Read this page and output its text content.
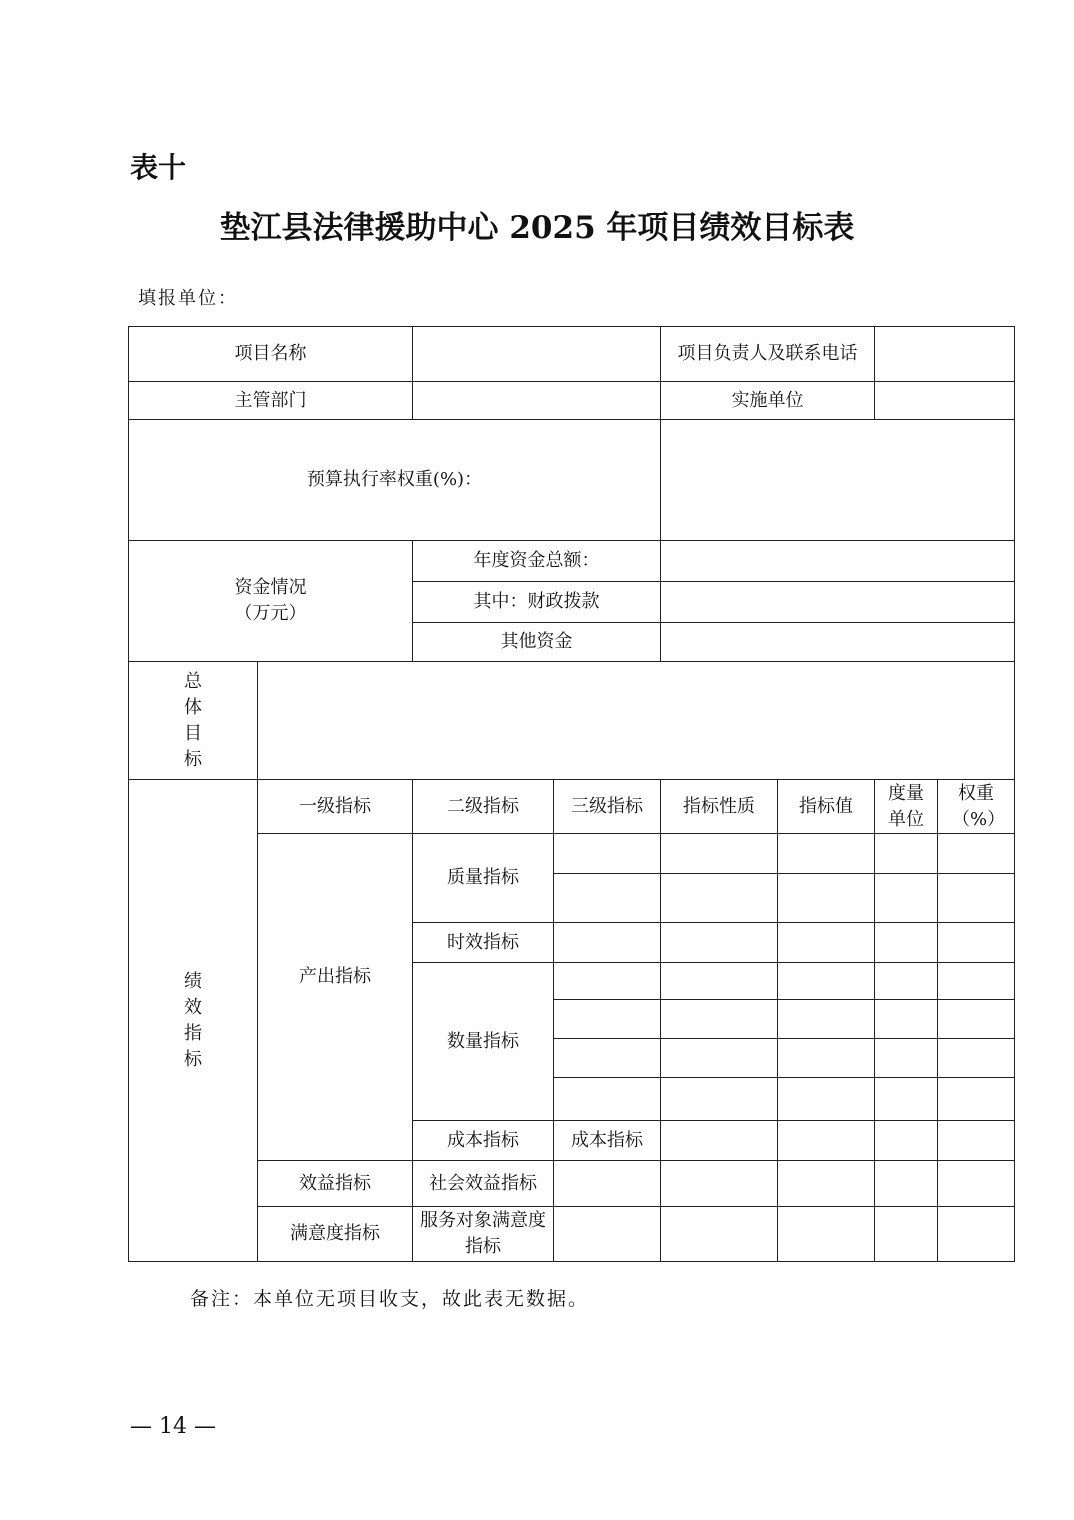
表十
垫江县法律援助中心 2025 年项目绩效目标表
填报单位：
项目名称				项目负责人及联系电话				
主管部门				实施单位				
预算执行率权重(%)：								
资金情况
（万元）		年度资金总额：						
		其中：财政拨款						
		其他资金						
总体目标								
绩效指标	一级指标	二级指标	三级指标	指标性质	指标值	度量单位	权重（%）	
	产出指标	质量指标						

		时效指标						
		数量指标						

		成本指标	成本指标					
	效益指标	社会效益指标						
	满意度指标	服务对象满意度指标						
备注：本单位无项目收支，故此表无数据。
— 14 —
